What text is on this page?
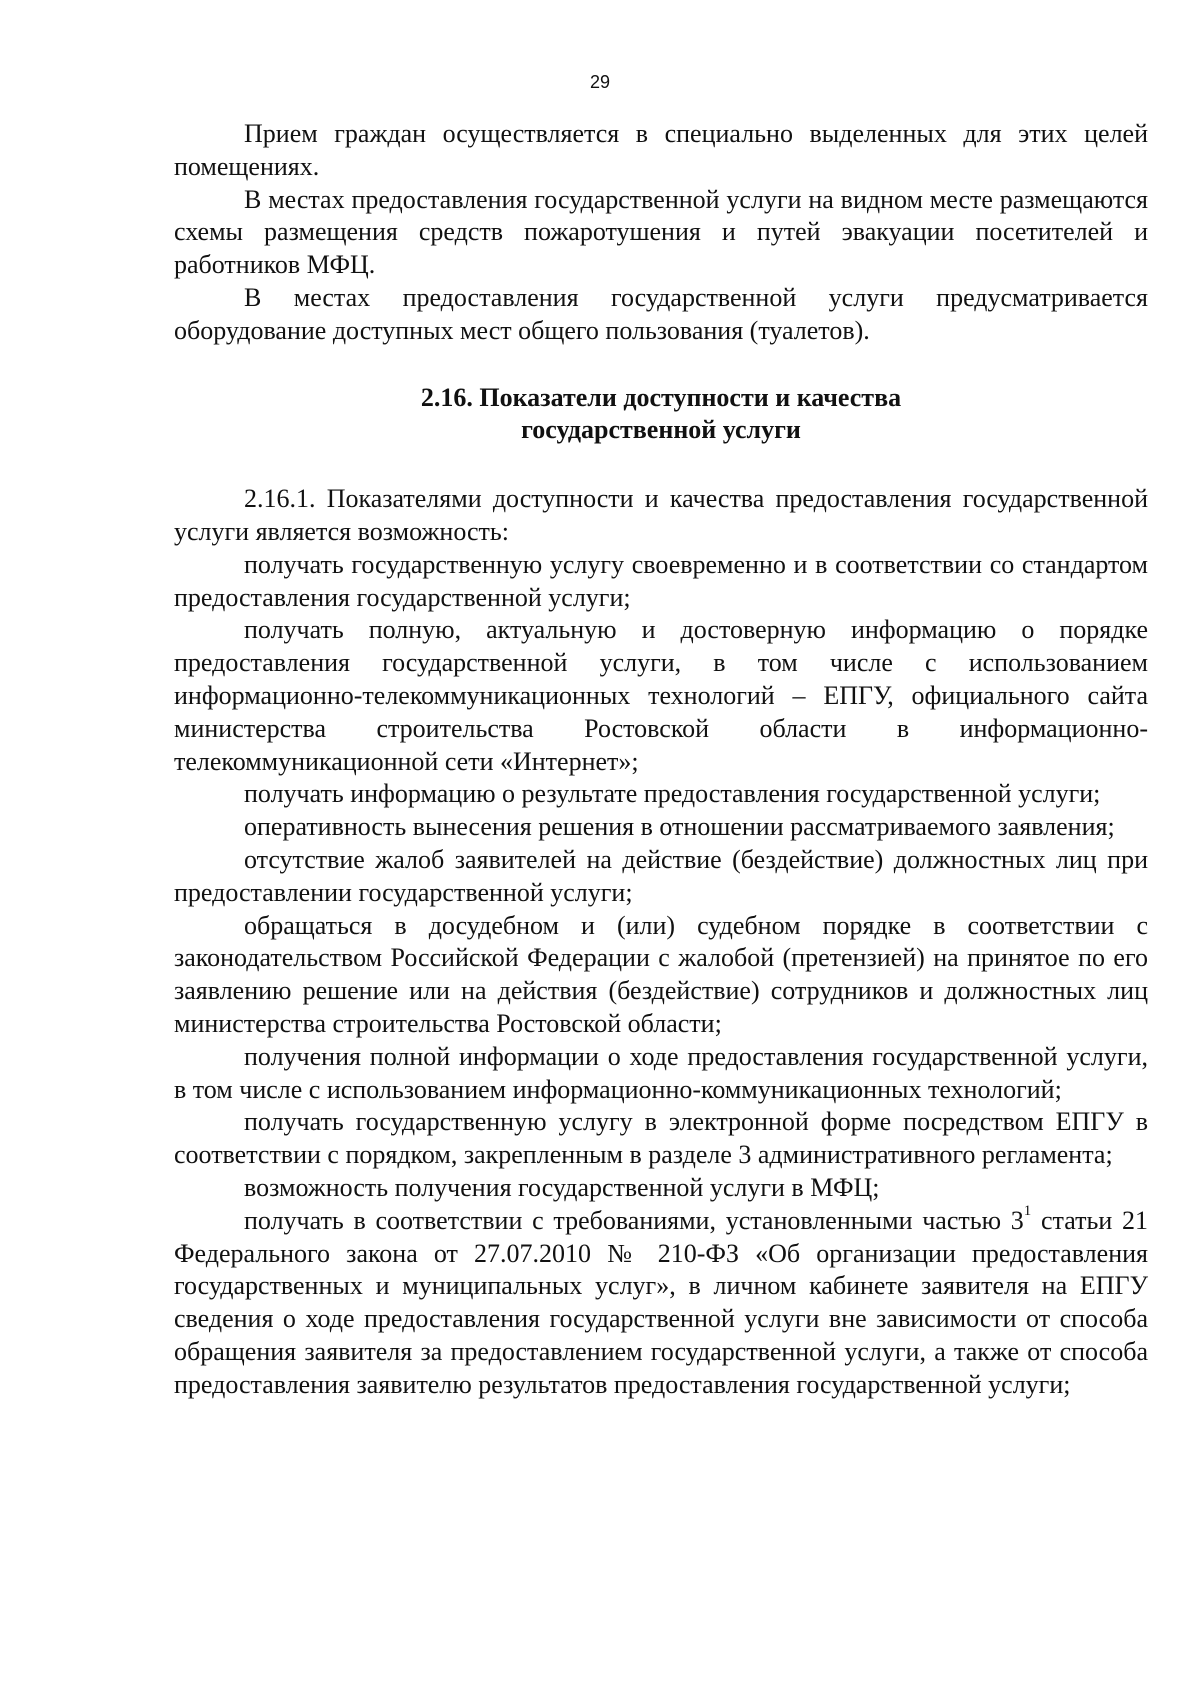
29

Прием граждан осуществляется в специально выделенных для этих целей помещениях.

В местах предоставления государственной услуги на видном месте размещаются схемы размещения средств пожаротушения и путей эвакуации посетителей и работников МФЦ.

В местах предоставления государственной услуги предусматривается оборудование доступных мест общего пользования (туалетов).

2.16. Показатели доступности и качества
государственной услуги

2.16.1. Показателями доступности и качества предоставления государственной услуги является возможность:

получать государственную услугу своевременно и в соответствии со стандартом предоставления государственной услуги;

получать полную, актуальную и достоверную информацию о порядке предоставления государственной услуги, в том числе с использованием информационно-телекоммуникационных технологий – ЕПГУ, официального сайта министерства строительства Ростовской области в информационно-телекоммуникационной сети «Интернет»;

получать информацию о результате предоставления государственной услуги;

оперативность вынесения решения в отношении рассматриваемого заявления;

отсутствие жалоб заявителей на действие (бездействие) должностных лиц при предоставлении государственной услуги;

обращаться в досудебном и (или) судебном порядке в соответствии с законодательством Российской Федерации с жалобой (претензией) на принятое по его заявлению решение или на действия (бездействие) сотрудников и должностных лиц министерства строительства Ростовской области;

получения полной информации о ходе предоставления государственной услуги, в том числе с использованием информационно-коммуникационных технологий;

получать государственную услугу в электронной форме посредством ЕПГУ в соответствии с порядком, закрепленным в разделе 3 административного регламента;

возможность получения государственной услуги в МФЦ;

получать в соответствии с требованиями, установленными частью $3^1$ статьи 21 Федерального закона от 27.07.2010 № 210-ФЗ «Об организации предоставления государственных и муниципальных услуг», в личном кабинете заявителя на ЕПГУ сведения о ходе предоставления государственной услуги вне зависимости от способа обращения заявителя за предоставлением государственной услуги, а также от способа предоставления заявителю результатов предоставления государственной услуги;
